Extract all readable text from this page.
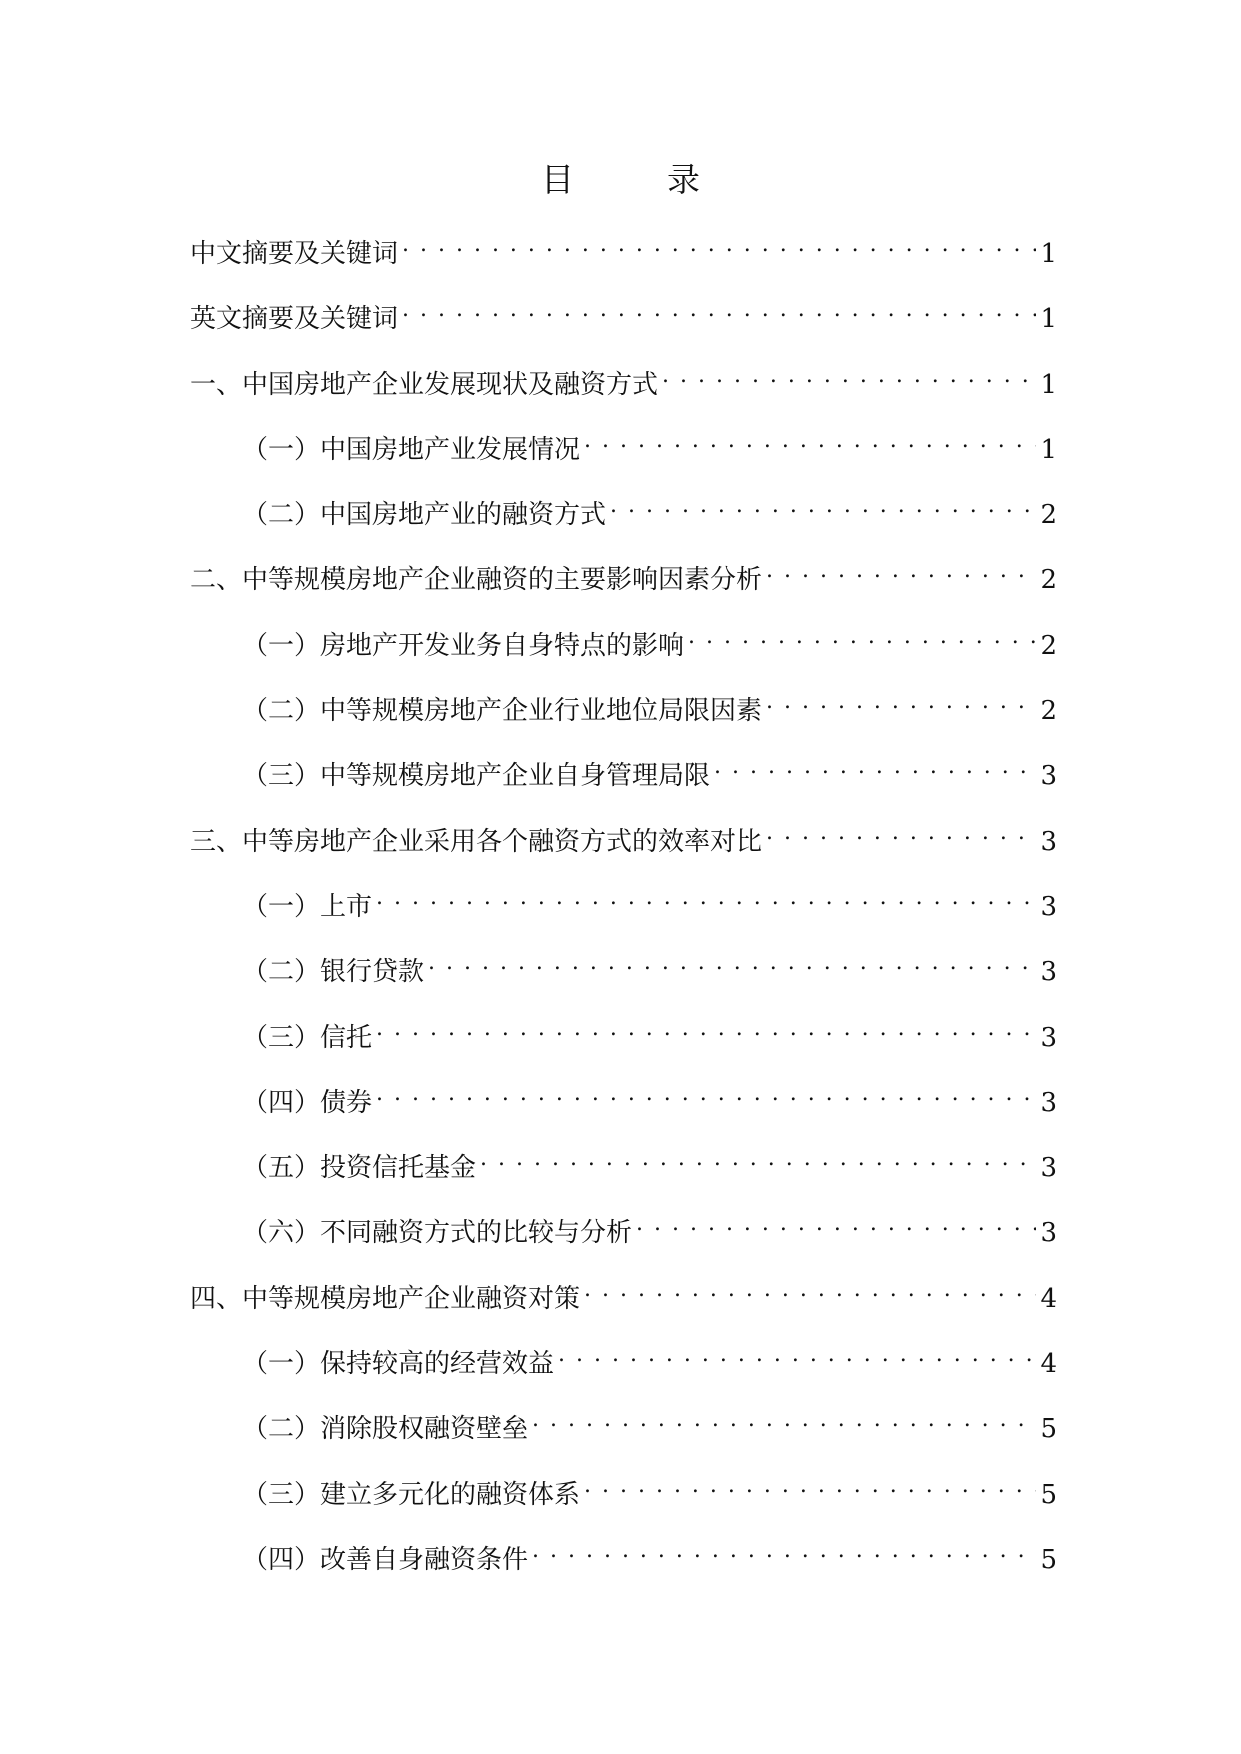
目　录
中文摘要及关键词 . . .	1
英文摘要及关键词 . . .	1
一、中国房地产企业发展现状及融资方式 . . .	1
（一）中国房地产业发展情况 . . .	1
（二）中国房地产业的融资方式 . . .	2
二、中等规模房地产企业融资的主要影响因素分析 . . .	2
（一）房地产开发业务自身特点的影响 . . .	2
（二）中等规模房地产企业行业地位局限因素 . . .	2
（三）中等规模房地产企业自身管理局限 . . .	3
三、中等房地产企业采用各个融资方式的效率对比 . . .	3
（一）上市 . . .	3
（二）银行贷款 . . .	3
（三）信托 . . .	3
（四）债券 . . .	3
（五）投资信托基金 . . .	3
（六）不同融资方式的比较与分析 . . .	3
四、中等规模房地产企业融资对策 . . .	4
（一）保持较高的经营效益 . . .	4
（二）消除股权融资壁垒 . . .	5
（三）建立多元化的融资体系 . . .	5
（四）改善自身融资条件 . . .	5
